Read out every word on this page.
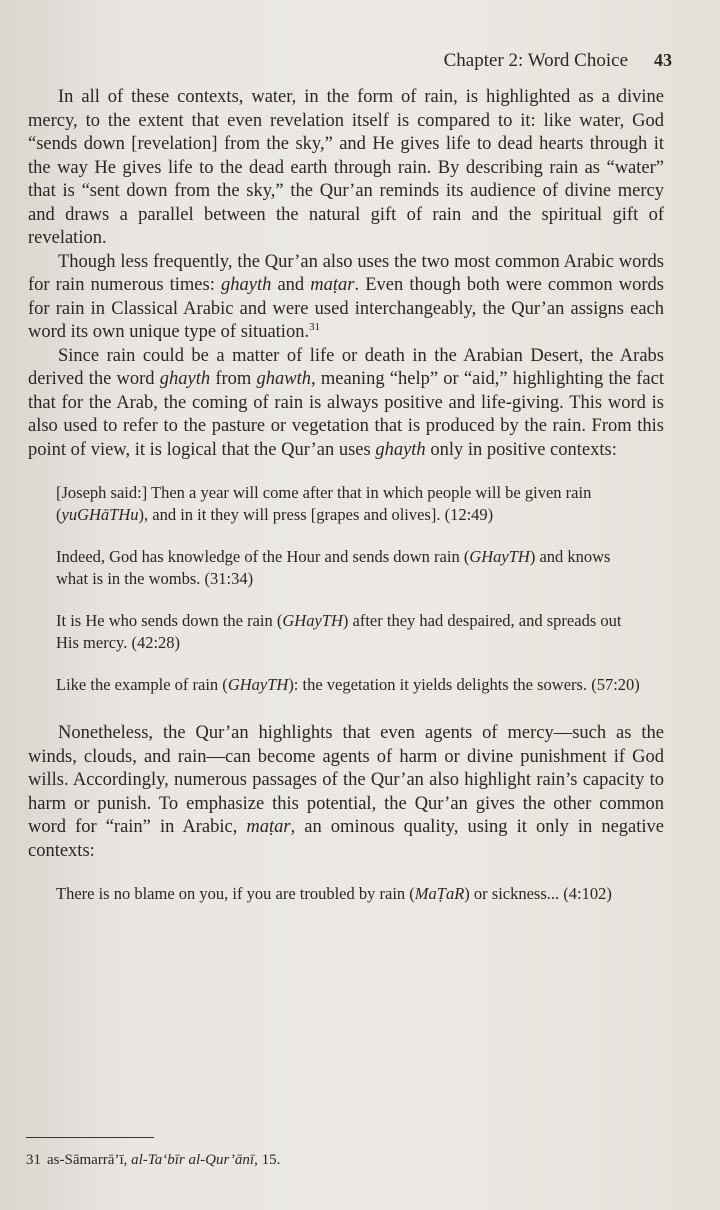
Chapter 2: Word Choice 43

In all of these contexts, water, in the form of rain, is highlighted as a divine mercy, to the extent that even revelation itself is compared to it: like water, God “sends down [revelation] from the sky,” and He gives life to dead hearts through it the way He gives life to the dead earth through rain. By describing rain as “water” that is “sent down from the sky,” the Qur’an reminds its audience of divine mercy and draws a parallel between the natural gift of rain and the spiritual gift of revelation.

Though less frequently, the Qur’an also uses the two most common Arabic words for rain numerous times: ghayth and maṭar. Even though both were common words for rain in Classical Arabic and were used interchangeably, the Qur’an assigns each word its own unique type of situation.$^{31}$

Since rain could be a matter of life or death in the Arabian Desert, the Arabs derived the word ghayth from ghawth, meaning “help” or “aid,” highlighting the fact that for the Arab, the coming of rain is always positive and life-giving. This word is also used to refer to the pasture or vegetation that is produced by the rain. From this point of view, it is logical that the Qur’an uses ghayth only in positive contexts:

[Joseph said:] Then a year will come after that in which people will be given rain (yuGHāTHu), and in it they will press [grapes and olives]. (12:49)

Indeed, God has knowledge of the Hour and sends down rain (GHayTH) and knows what is in the wombs. (31:34)

It is He who sends down the rain (GHayTH) after they had despaired, and spreads out His mercy. (42:28)

Like the example of rain (GHayTH): the vegetation it yields delights the sowers. (57:20)

Nonetheless, the Qur’an highlights that even agents of mercy—such as the winds, clouds, and rain—can become agents of harm or divine punishment if God wills. Accordingly, numerous passages of the Qur’an also highlight rain’s capacity to harm or punish. To emphasize this potential, the Qur’an gives the other common word for “rain” in Arabic, maṭar, an ominous quality, using it only in negative contexts:

There is no blame on you, if you are troubled by rain (MaṬaR) or sickness... (4:102)

31 as-Sāmarrā’ī, al-Ta‘bīr al-Qur’ānī, 15.
